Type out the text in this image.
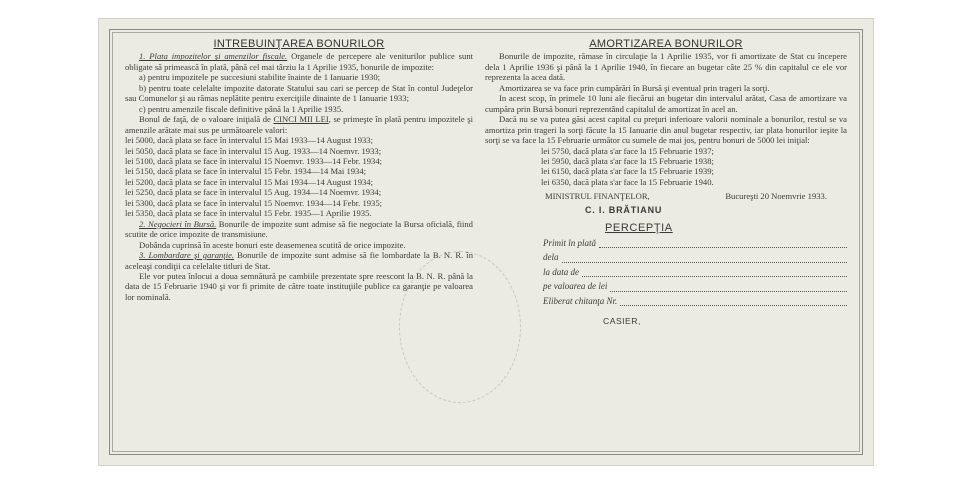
INTREBUINŢAREA BONURILOR

1. Plata impozitelor şi amenzilor fiscale. Organele de percepere ale veniturilor publice sunt obligate să primească în plată, până cel mai târziu la 1 Aprilie 1935, bonurile de impozite:

a) pentru impozitele pe succesiuni stabilite înainte de 1 Ianuarie 1930;

b) pentru toate celelalte impozite datorate Statului sau cari se percep de Stat în contul Judeţelor sau Comunelor şi au rămas neplătite pentru exerciţiile dinainte de 1 Ianuarie 1933;

c) pentru amenzile fiscale definitive până la 1 Aprilie 1935.

Bonul de faţă, de o valoare iniţială de CINCI MII LEI, se primeşte în plată pentru impozitele şi amenzile arătate mai sus pe următoarele valori:

lei 5000, dacă plata se face în intervalul 15 Mai 1933—14 August 1933;

lei 5050, dacă plata se face în intervalul 15 Aug. 1933—14 Noemvr. 1933;

lei 5100, dacă plata se face în intervalul 15 Noemvr. 1933—14 Febr. 1934;

lei 5150, dacă plata se face în intervalul 15 Febr. 1934—14 Mai 1934;

lei 5200, dacă plata se face în intervalul 15 Mai 1934—14 August 1934;

lei 5250, dacă plata se face în intervalul 15 Aug. 1934—14 Noemvr. 1934;

lei 5300, dacă plata se face în intervalul 15 Noemvr. 1934—14 Febr. 1935;

lei 5350, dacă plata se face în intervalul 15 Febr. 1935—1 Aprilie 1935.

2. Negocieri în Bursă. Bonurile de impozite sunt admise să fie negociate la Bursa oficială, fiind scutite de orice impozite de transmisiune.

Dobânda cuprinsă în aceste bonuri este deasemenea scutită de orice impozite.

3. Lombardare şi garanţie. Bonurile de impozite sunt admise să fie lombardate la B. N. R. în aceleaşi condiţii ca celelalte titluri de Stat.

Ele vor putea înlocui a doua semnătură pe cambiile prezentate spre reescont la B. N. R. până la data de 15 Februarie 1940 şi vor fi primite de către toate instituţiile publice ca garanţie pe valoarea lor nominală.

AMORTIZAREA BONURILOR

Bonurile de impozite, rămase în circulaţie la 1 Aprilie 1935, vor fi amortizate de Stat cu începere dela 1 Aprilie 1936 şi până la 1 Aprilie 1940, în fiecare an bugetar câte 25 % din capitalul ce ele vor reprezenta la acea dată.

Amortizarea se va face prin cumpărări în Bursă şi eventual prin trageri la sorţi.

In acest scop, în primele 10 luni ale fiecărui an bugetar din intervalul arătat, Casa de amortizare va cumpăra prin Bursă bonuri reprezentând capitalul de amortizat în acel an.

Dacă nu se va putea găsi acest capital cu preţuri inferioare valorii nominale a bonurilor, restul se va amortiza prin trageri la sorţi făcute la 15 Ianuarie din anul bugetar respectiv, iar plata bonurilor ieşite la sorţi se va face la 15 Februarie următor cu sumele de mai jos, pentru bonuri de 5000 lei iniţial:

lei 5750, dacă plata s'ar face la 15 Februarie 1937;

lei 5950, dacă plata s'ar face la 15 Februarie 1938;

lei 6150, dacă plata s'ar face la 15 Februarie 1939;

lei 6350, dacă plata s'ar face la 15 Februarie 1940.

MINISTRUL FINANŢELOR,	Bucureşti 20 Noemvrie 1933.

C. I. BRĂTIANU

PERCEPŢIA

Primit în plată
dela
la data de
pe valoarea de lei
Eliberat chitanţa Nr.

CASIER,
